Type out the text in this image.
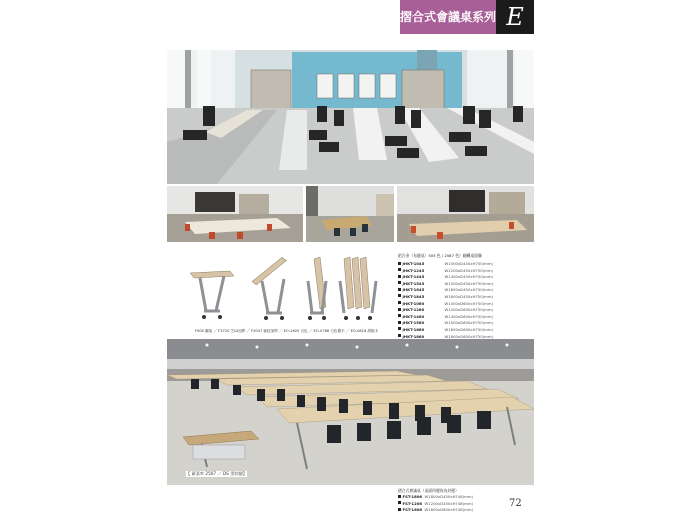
摺合式會議桌系列 E
F900 腳架 ／ F3720 芝Ш加桿 ／ F2047 蜂紋加桿 ／ EO-1620 白色 ／ EO-0768 白色檯木 ／ EO-0816 胡桃木
鋁合金（布縫桌）505 色 / 2587 色）翻轉桌面腳
JHKT-1045	W1000xD450xH750(mm)
JHKT-1245	W1200xD450xH750(mm)
JHKT-1445	W1400xD450xH750(mm)
JHKT-1545	W1500xD450xH750(mm)
JHKT-1645	W1600xD450xH750(mm)
JHKT-1845	W1800xD450xH750(mm)
JHKT-1060	W1000xD600xH750(mm)
JHKT-1260	W1200xD600xH750(mm)
JHKT-1460	W1400xD600xH750(mm)
JHKT-1560	W1500xD600xH750(mm)
JHKT-1660	W1600xD600xH750(mm)
JHKT-1860	W1800xD600xH750(mm)
【 蓄菜率 2507 ／ DS 蛋狀腳】
摺合式會議桌（桌面四邊皆為封邊）
FST-1806 W1800xD450xH748(mm)
FST-1206 W1200xD450xH748(mm)
FST-1606 W1600xD600xH748(mm)
72
